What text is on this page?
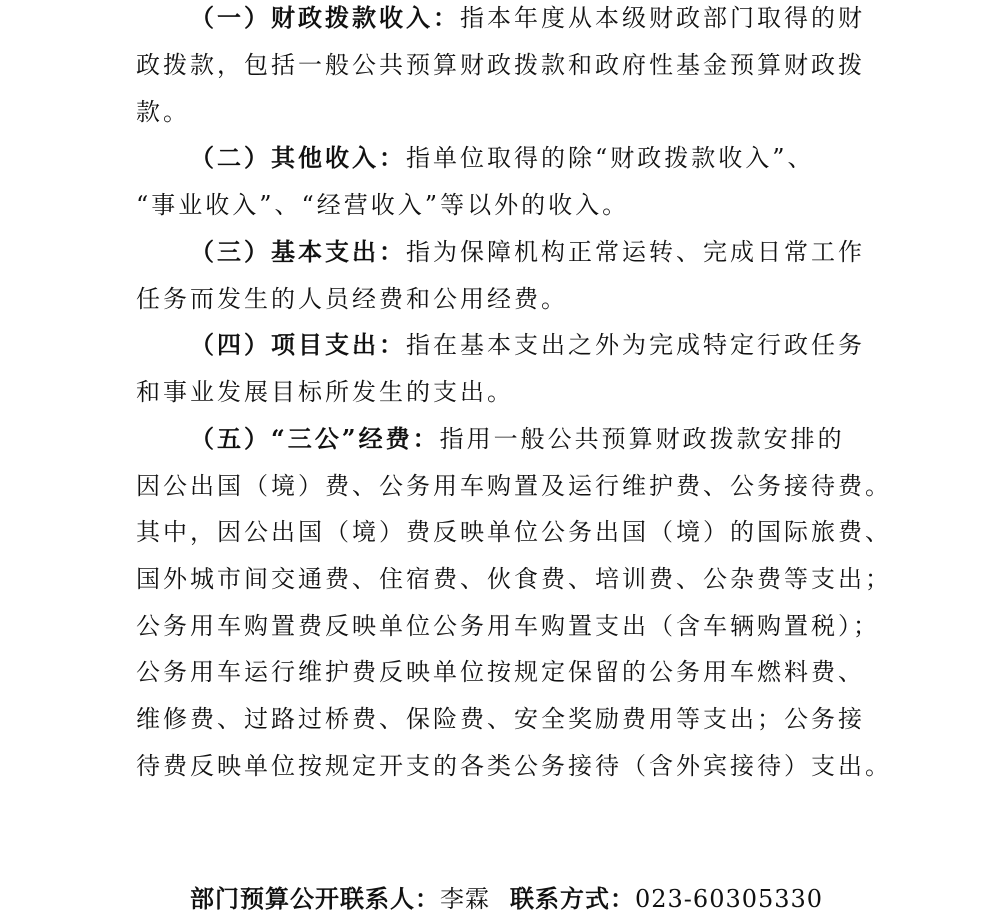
（一）财政拨款收入：指本年度从本级财政部门取得的财
政拨款，包括一般公共预算财政拨款和政府性基金预算财政拨
款。
（二）其他收入：指单位取得的除“财政拨款收入”、
“事业收入”、“经营收入”等以外的收入。
（三）基本支出：指为保障机构正常运转、完成日常工作
任务而发生的人员经费和公用经费。
（四）项目支出：指在基本支出之外为完成特定行政任务
和事业发展目标所发生的支出。
（五）“三公”经费：指用一般公共预算财政拨款安排的
因公出国（境）费、公务用车购置及运行维护费、公务接待费。
其中，因公出国（境）费反映单位公务出国（境）的国际旅费、
国外城市间交通费、住宿费、伙食费、培训费、公杂费等支出；
公务用车购置费反映单位公务用车购置支出（含车辆购置税）；
公务用车运行维护费反映单位按规定保留的公务用车燃料费、
维修费、过路过桥费、保险费、安全奖励费用等支出；公务接
待费反映单位按规定开支的各类公务接待（含外宾接待）支出。
部门预算公开联系人：李霖 联系方式：023-60305330
